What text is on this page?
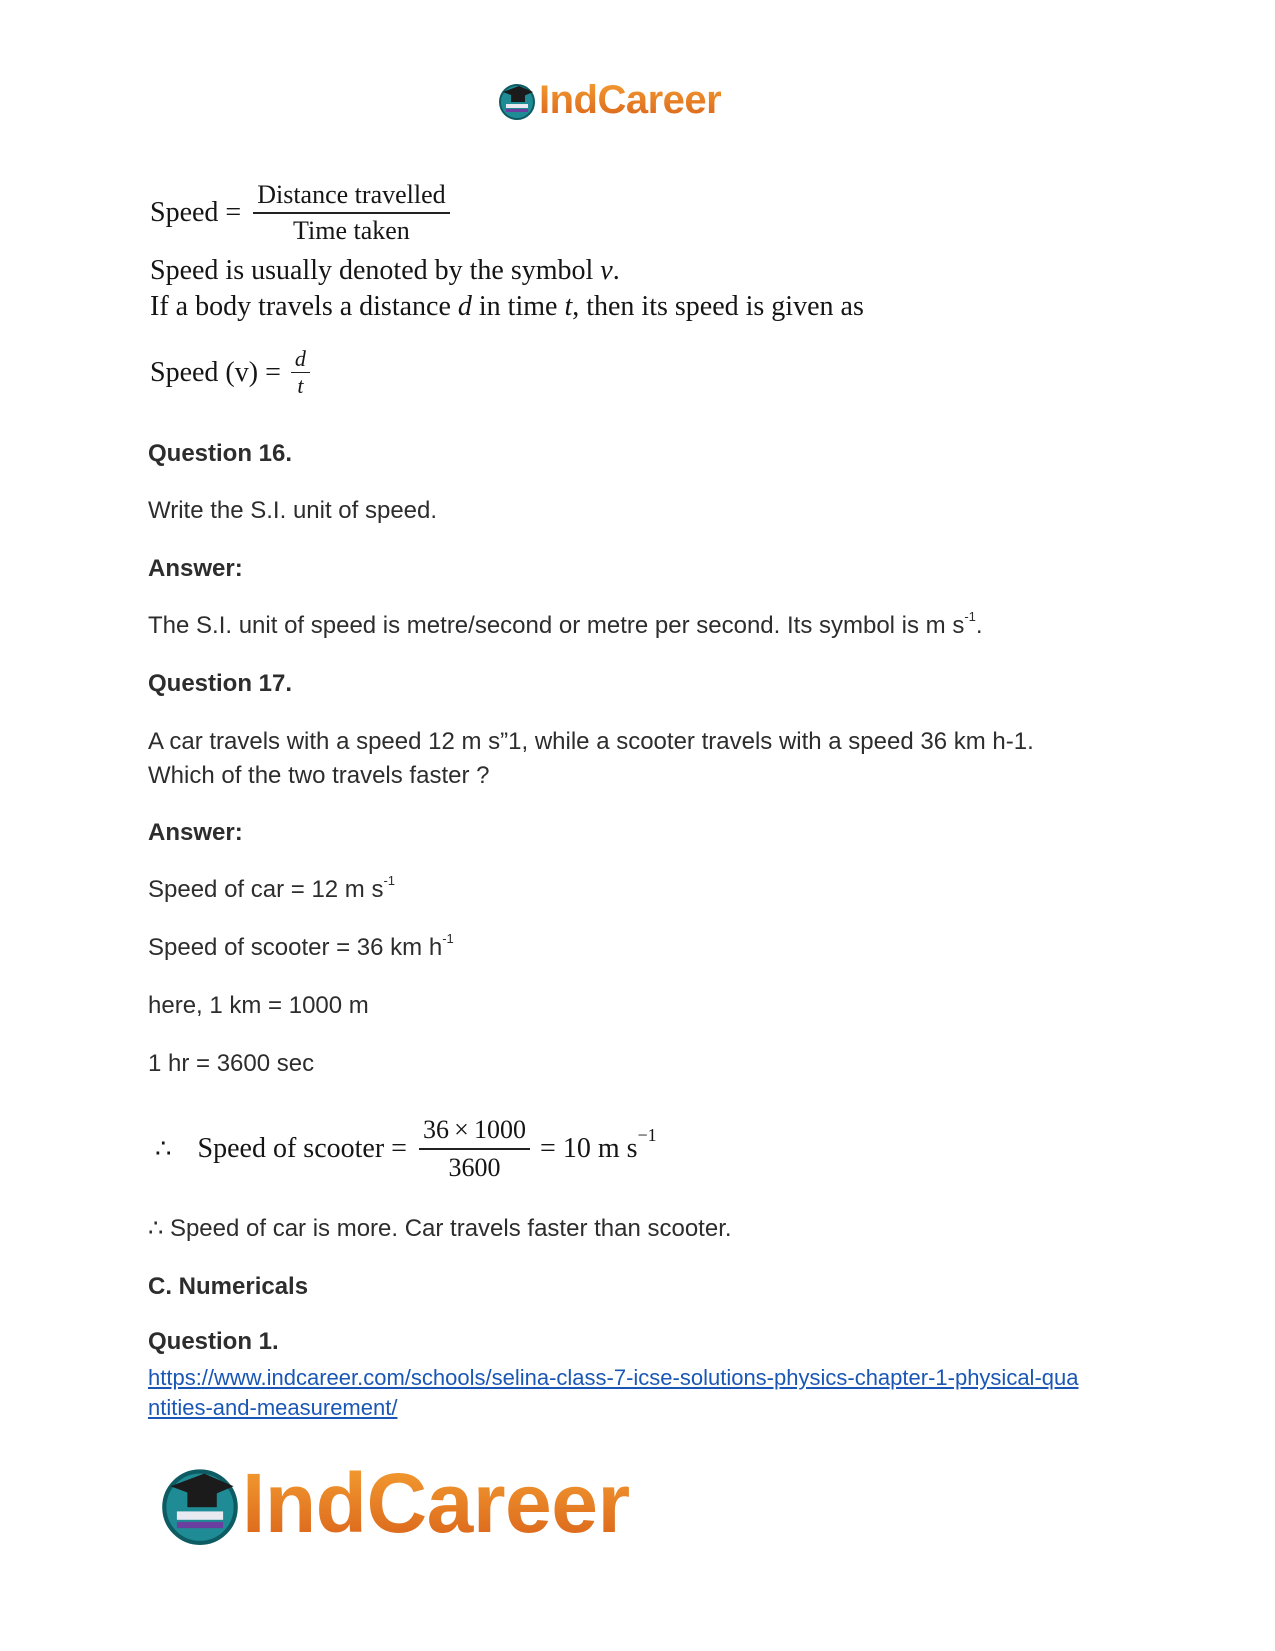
IndCareer
Speed = $\frac{\text{Distance travelled}}{\text{Time taken}}$
Speed is usually denoted by the symbol v.
If a body travels a distance d in time t, then its speed is given as
Speed $(v) = \frac{d}{t}$
Question 16.
Write the S.I. unit of speed.
Answer:
The S.I. unit of speed is metre/second or metre per second. Its symbol is m $s^{-1}$.
Question 17.
A car travels with a speed 12 m s”1, while a scooter travels with a speed 36 km h-1.
Which of the two travels faster ?
Answer:
Speed of car = 12 m $s^{-1}$
Speed of scooter = 36 km $h^{-1}$
here, 1 km = 1000 m
1 hr = 3600 sec
∴ Speed of scooter = $\frac{36 \times 1000}{3600} = 10$ m $s^{-1}$
∴ Speed of car is more. Car travels faster than scooter.
C. Numericals
Question 1.
https://www.indcareer.com/schools/selina-class-7-icse-solutions-physics-chapter-1-physical-qua
ntities-and-measurement/
IndCareer
